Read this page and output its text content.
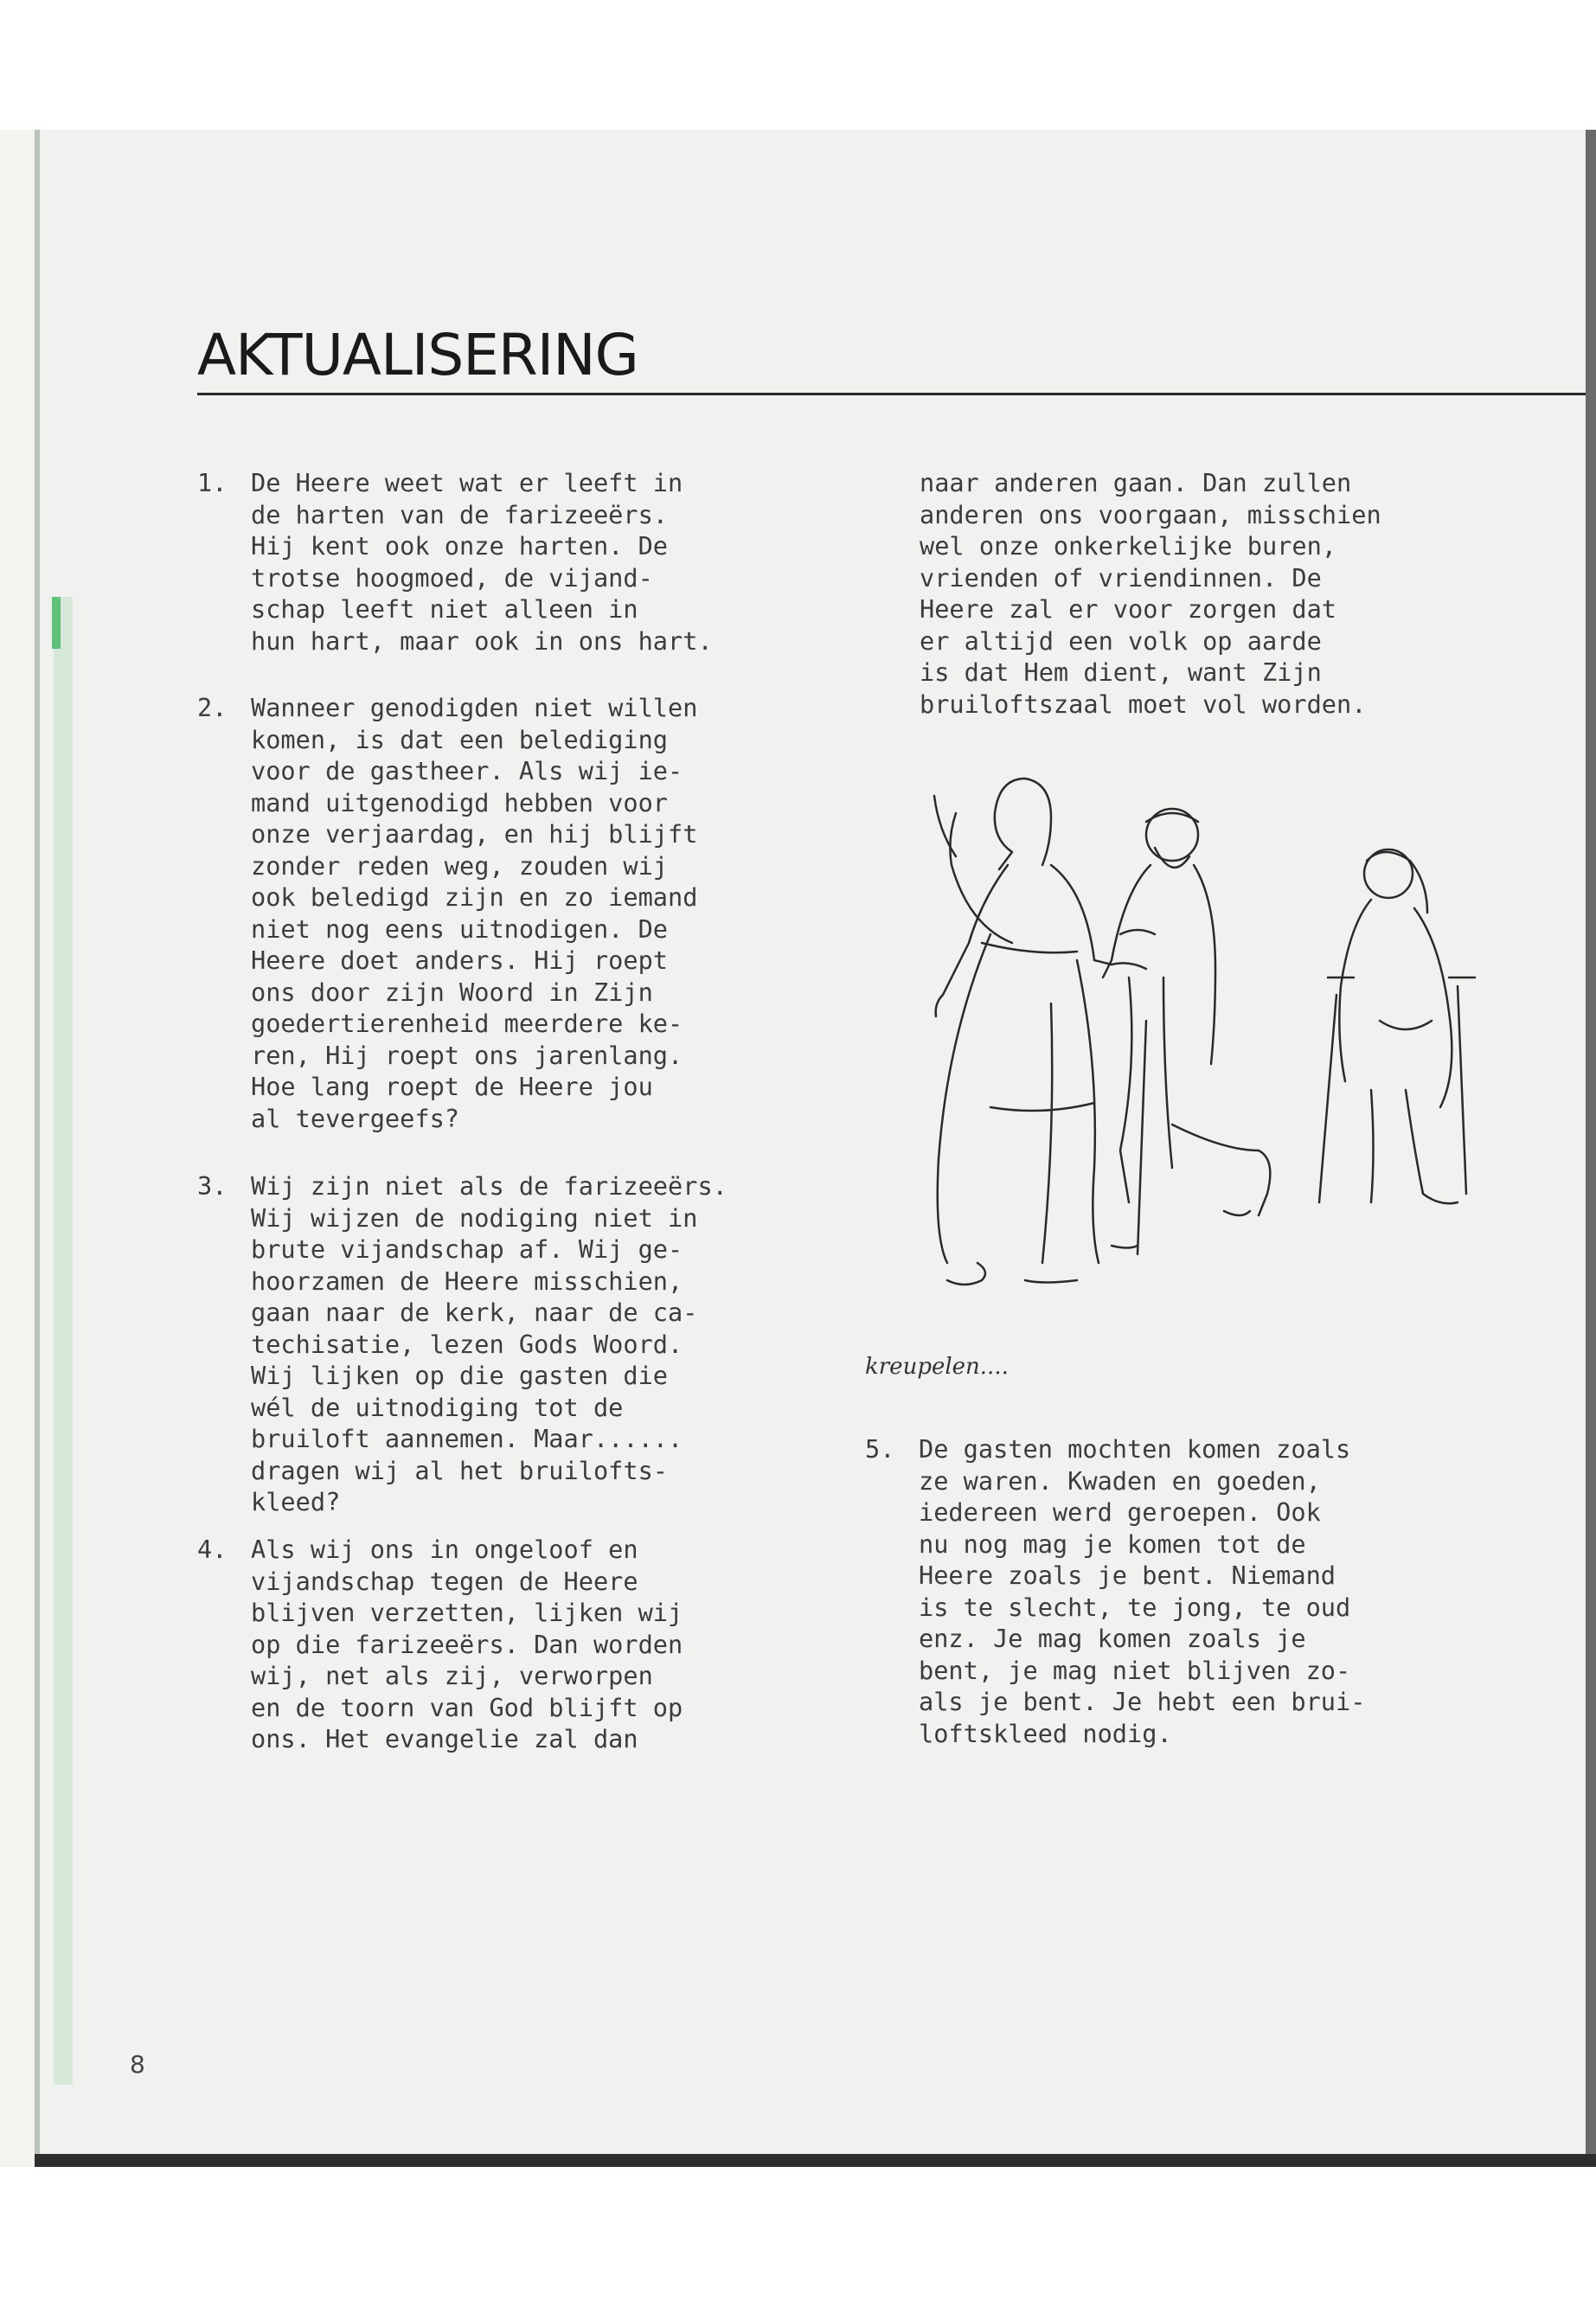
AKTUALISERING
1. De Heere weet wat er leeft in
de harten van de farizeeërs.
Hij kent ook onze harten. De
trotse hoogmoed, de vijand-
schap leeft niet alleen in
hun hart, maar ook in ons hart.
2. Wanneer genodigden niet willen
komen, is dat een belediging
voor de gastheer. Als wij ie-
mand uitgenodigd hebben voor
onze verjaardag, en hij blijft
zonder reden weg, zouden wij
ook beledigd zijn en zo iemand
niet nog eens uitnodigen. De
Heere doet anders. Hij roept
ons door zijn Woord in Zijn
goedertierenheid meerdere ke-
ren, Hij roept ons jarenlang.
Hoe lang roept de Heere jou
al tevergeefs?
3. Wij zijn niet als de farizeeërs.
Wij wijzen de nodiging niet in
brute vijandschap af. Wij ge-
hoorzamen de Heere misschien,
gaan naar de kerk, naar de ca-
techisatie, lezen Gods Woord.
Wij lijken op die gasten die
wél de uitnodiging tot de
bruiloft aannemen. Maar......
dragen wij al het bruilofts-
kleed?
4. Als wij ons in ongeloof en
vijandschap tegen de Heere
blijven verzetten, lijken wij
op die farizeeërs. Dan worden
wij, net als zij, verworpen
en de toorn van God blijft op
ons. Het evangelie zal dan
naar anderen gaan. Dan zullen
anderen ons voorgaan, misschien
wel onze onkerkelijke buren,
vrienden of vriendinnen. De
Heere zal er voor zorgen dat
er altijd een volk op aarde
is dat Hem dient, want Zijn
bruiloftszaal moet vol worden.
kreupelen....
5. De gasten mochten komen zoals
ze waren. Kwaden en goeden,
iedereen werd geroepen. Ook
nu nog mag je komen tot de
Heere zoals je bent. Niemand
is te slecht, te jong, te oud
enz. Je mag komen zoals je
bent, je mag niet blijven zo-
als je bent. Je hebt een brui-
loftskleed nodig.
8
